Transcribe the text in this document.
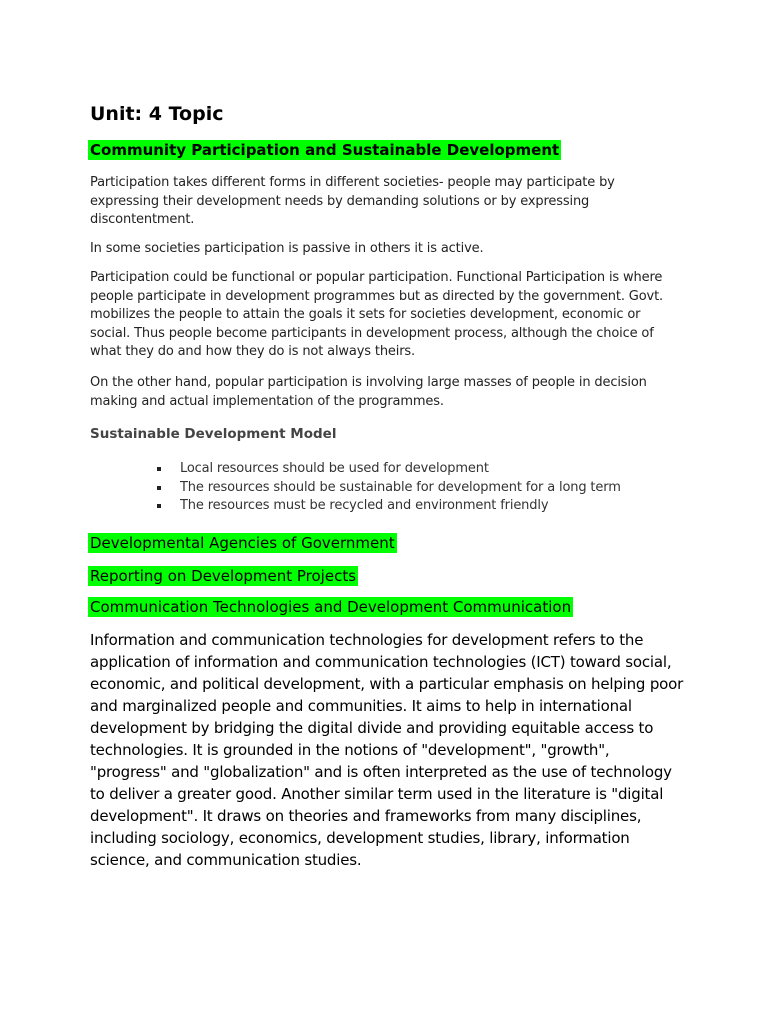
Unit: 4 Topic
Community Participation and Sustainable Development

Participation takes different forms in different societies- people may participate by expressing their development needs by demanding solutions or by expressing discontentment.

In some societies participation is passive in others it is active.

Participation could be functional or popular participation. Functional Participation is where people participate in development programmes but as directed by the government. Govt. mobilizes the people to attain the goals it sets for societies development, economic or social. Thus people become participants in development process, although the choice of what they do and how they do is not always theirs.

On the other hand, popular participation is involving large masses of people in decision making and actual implementation of the programmes.

Sustainable Development Model
Local resources should be used for development
The resources should be sustainable for development for a long term
The resources must be recycled and environment friendly
Developmental Agencies of Government
Reporting on Development Projects
Communication Technologies and Development Communication

Information and communication technologies for development refers to the application of information and communication technologies (ICT) toward social, economic, and political development, with a particular emphasis on helping poor and marginalized people and communities. It aims to help in international development by bridging the digital divide and providing equitable access to technologies. It is grounded in the notions of "development", "growth", "progress" and "globalization" and is often interpreted as the use of technology to deliver a greater good. Another similar term used in the literature is "digital development". It draws on theories and frameworks from many disciplines, including sociology, economics, development studies, library, information science, and communication studies.
